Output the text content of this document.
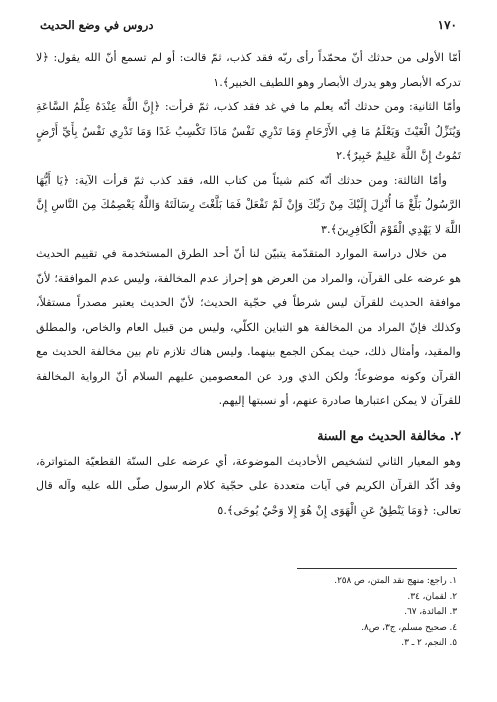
١٧٠
دروس في وضع الحديث

أمّا الأولى من حدثك أنّ محمّداً رأى ربّه فقد كذب، ثمّ قالت: أو لم تسمع أنّ الله يقول: ﴿لا تدركه الأبصار وهو يدرك الأبصار وهو اللطيف الخبير﴾.١

وأمّا الثانية: ومن حدثك أنّه يعلم ما في غد فقد كذب، ثمّ قرأت: ﴿إِنَّ اللَّهَ عِنْدَهُ عِلْمُ السَّاعَةِ وَيُنَزِّلُ الْغَيْثَ وَيَعْلَمُ مَا فِي الأَرْحَامِ وَمَا تَدْرِي نَفْسٌ مَاذَا تَكْسِبُ غَدًا وَمَا تَدْرِي نَفْسٌ بِأَيِّ أَرْضٍ تَمُوتُ إِنَّ اللَّهَ عَلِيمٌ خَبِيرٌ﴾.٢

وأمّا الثالثة: ومن حدثك أنّه كتم شيئاً من كتاب الله، فقد كذب ثمّ قرأت الآية: ﴿يَا أَيُّهَا الرَّسُولُ بَلِّغْ مَا أُنْزِلَ إِلَيْكَ مِنْ رَبِّكَ وَإِنْ لَمْ تَفْعَلْ فَمَا بَلَّغْتَ رِسَالَتَهُ وَاللَّهُ يَعْصِمُكَ مِنَ النَّاسِ إِنَّ اللَّهَ لا يَهْدِي الْقَوْمَ الْكَافِرِينَ﴾.٣

من خلال دراسة الموارد المتقدّمة يتبيّن لنا أنّ أحد الطرق المستخدمة في تقييم الحديث هو عرضه على القرآن، والمراد من العرض هو إحراز عدم المخالفة، وليس عدم الموافقة؛ لأنّ موافقة الحديث للقرآن ليس شرطاً في حجّية الحديث؛ لأنّ الحديث يعتبر مصدراً مستقلاً، وكذلك فإنّ المراد من المخالفة هو التباين الكلّي، وليس من قبيل العام والخاص، والمطلق والمقيد، وأمثال ذلك، حيث يمكن الجمع بينهما. وليس هناك تلازم تام بين مخالفة الحديث مع القرآن وكونه موضوعاً؛ ولكن الذي ورد عن المعصومين عليهم السلام أنّ الرواية المخالفة للقرآن لا يمكن اعتبارها صادرة عنهم، أو نسبتها إليهم.

٢. مخالفة الحديث مع السنة

وهو المعيار الثاني لتشخيص الأحاديث الموضوعة، أي عرضه على السنّة القطعيّة المتواترة، وقد أكّد القرآن الكريم في آيات متعددة على حجّية كلام الرسول صلّى الله عليه وآله قال تعالى: ﴿وَمَا يَنْطِقُ عَنِ الْهَوَى إِنْ هُوَ إِلا وَحْيٌ يُوحَى﴾.٥

١. راجع: منهج نقد المتن، ص ٢٥٨.
٢. لقمان، ٣٤.
٣. المائدة، ٦٧.
٤. صحيح مسلم، ج٣، ص٨.
٥. النجم، ٢ ـ ٣.
